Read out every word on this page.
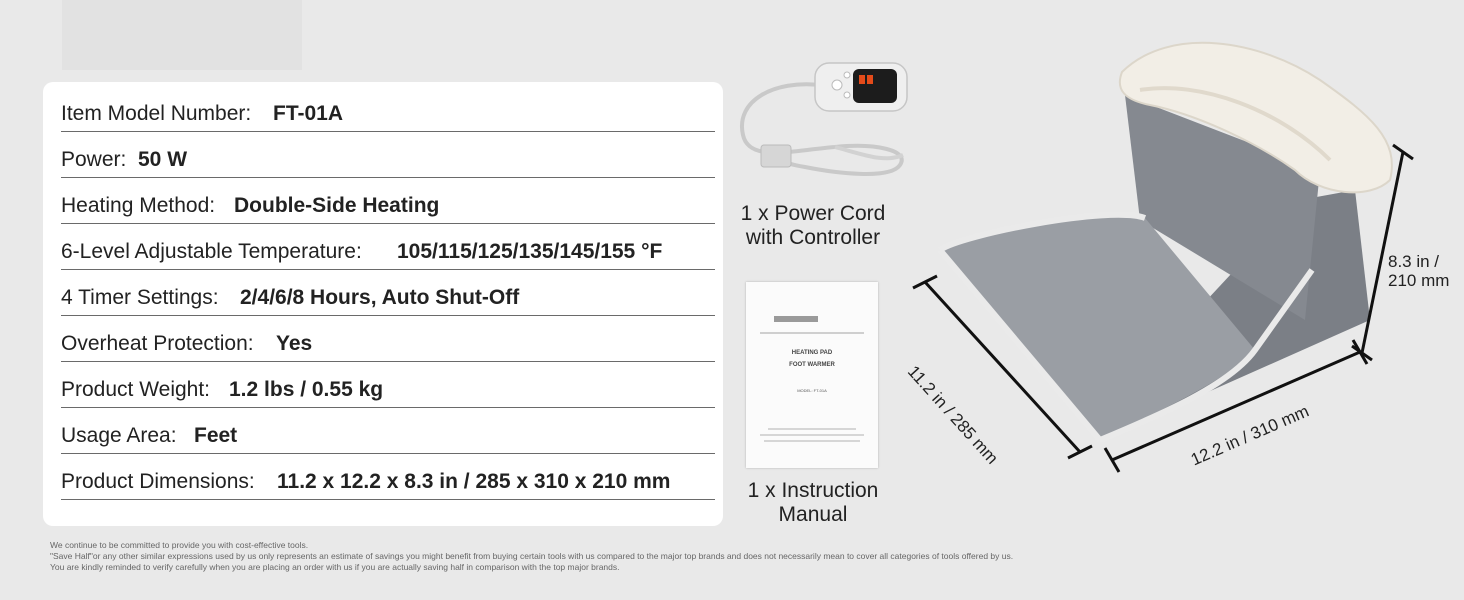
Item Model Number: FT-01A
Power: 50 W
Heating Method: Double-Side Heating
6-Level Adjustable Temperature: 105/115/125/135/145/155 °F
4 Timer Settings: 2/4/6/8 Hours, Auto Shut-Off
Overheat Protection: Yes
Product Weight: 1.2 lbs / 0.55 kg
Usage Area: Feet
Product Dimensions: 11.2 x 12.2 x 8.3 in / 285 x 310 x 210 mm
1 x Power Cord
with Controller
HEATING PAD
FOOT WARMER
MODEL: FT-01A
1 x Instruction
Manual
11.2 in / 285 mm	12.2 in / 310 mm
8.3 in /
210 mm
We continue to be committed to provide you with cost-effective tools.
"Save Half"or any other similar expressions used by us only represents an estimate of savings you might benefit from buying certain tools with us compared to the major top brands and does not necessarily mean to cover all categories of tools offered by us.
You are kindly reminded to verify carefully when you are placing an order with us if you are actually saving half in comparison with the top major brands.
